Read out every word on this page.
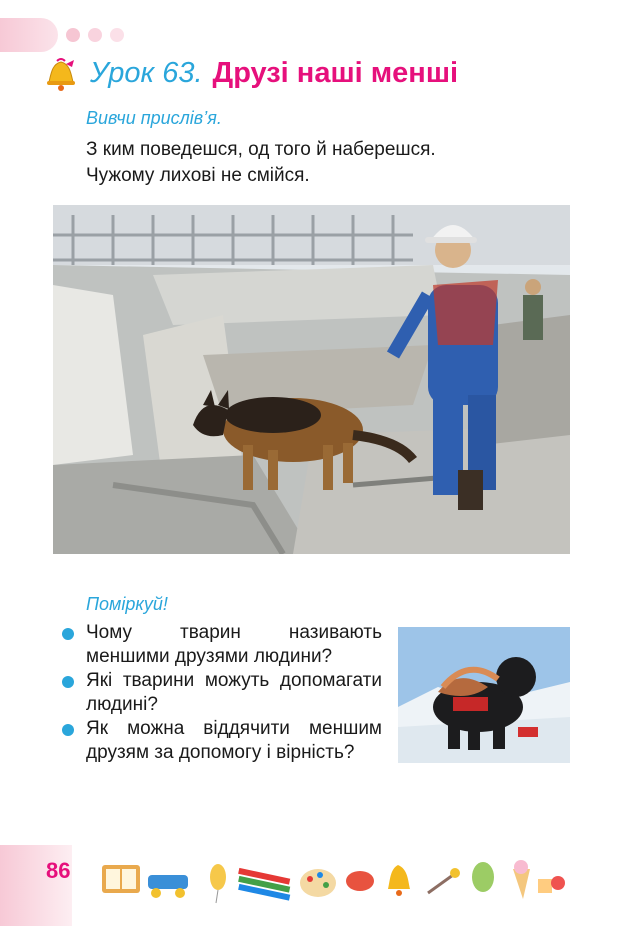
Урок 63. Друзі наші менші
Вивчи прислів’я.
З ким поведешся, од того й наберешся.
Чужому лихові не смійся.
Поміркуй!
Чому тварин називають меншими друзями людини?
Які тварини можуть допомагати людині?
Як можна віддячити меншим друзям за допомогу і вірність?
86
